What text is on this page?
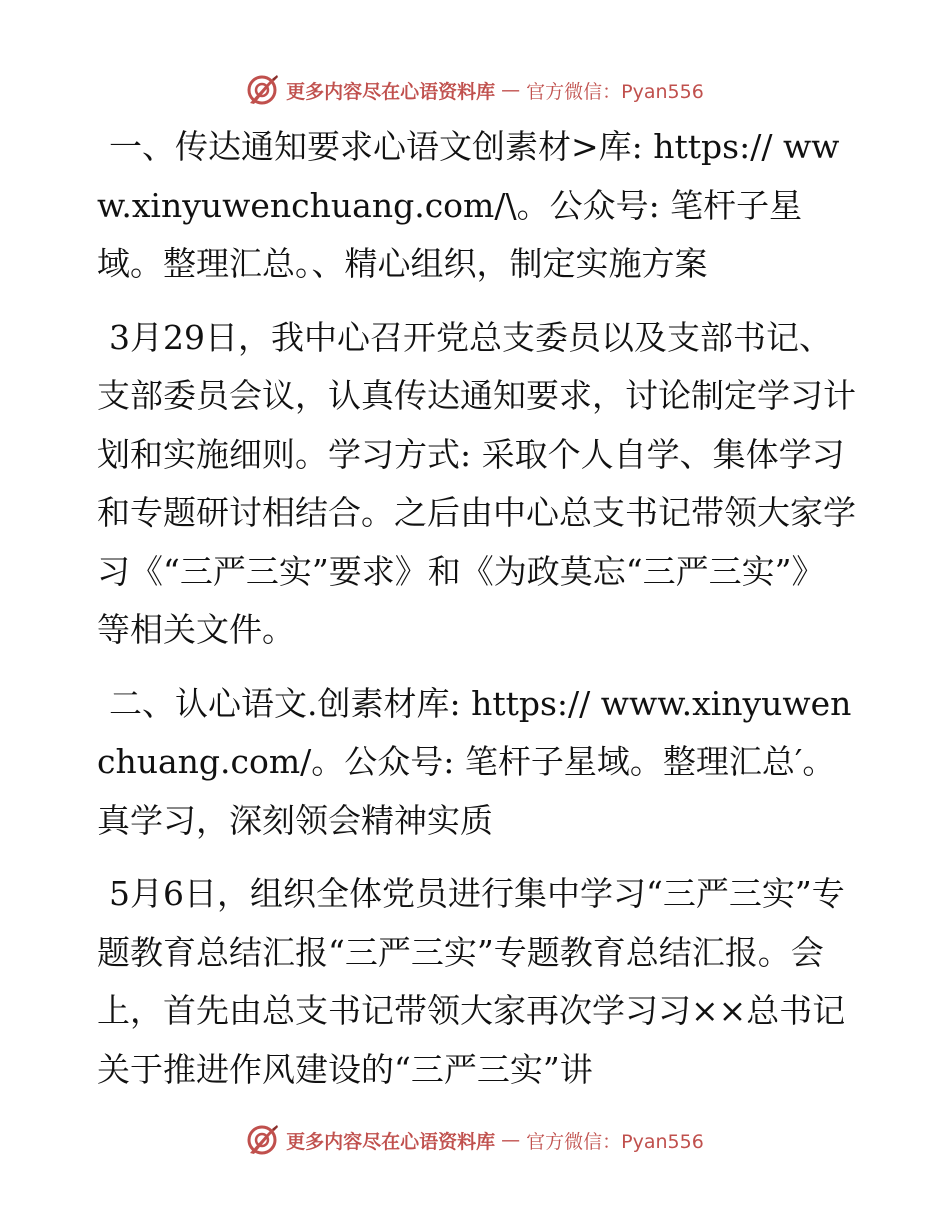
更多内容尽在心语资料库 — 官方微信：Pyan556

一、传达通知要求心语文创素材>库: https:// www.xinyuwenchuang.com/\。公众号: 笔杆子星域。整理汇总。、精心组织，制定实施方案

3月29日，我中心召开党总支委员以及支部书记、支部委员会议，认真传达通知要求，讨论制定学习计划和实施细则。学习方式: 采取个人自学、集体学习和专题研讨相结合。之后由中心总支书记带领大家学习《“三严三实”要求》和《为政莫忘“三严三实”》等相关文件。

二、认心语文.创素材库: https:// www.xinyuwenchuang.com/。公众号: 笔杆子星域。整理汇总′。真学习，深刻领会精神实质

5月6日，组织全体党员进行集中学习“三严三实”专题教育总结汇报“三严三实”专题教育总结汇报。会上，首先由总支书记带领大家再次学习习××总书记关于推进作风建设的“三严三实”讲

更多内容尽在心语资料库 — 官方微信：Pyan556
